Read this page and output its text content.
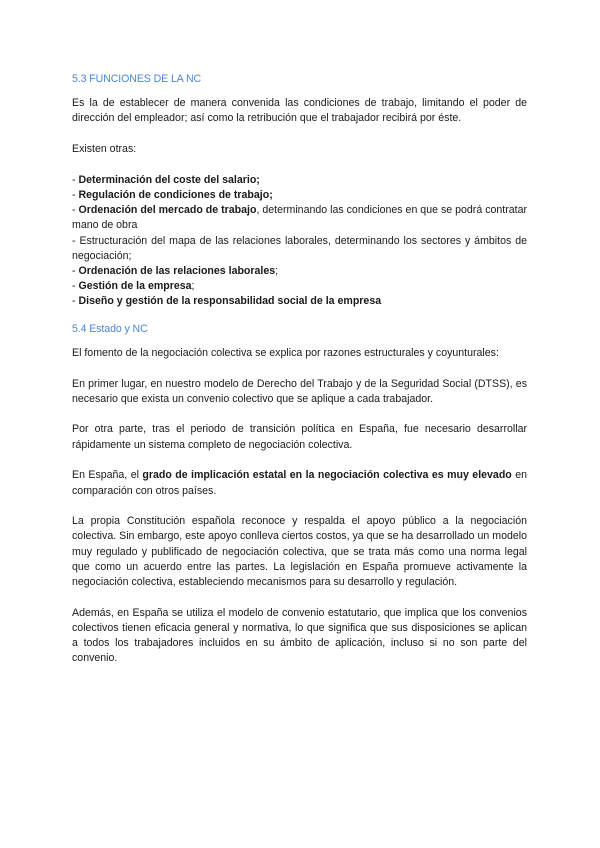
5.3 FUNCIONES DE LA NC

Es la de establecer de manera convenida las condiciones de trabajo, limitando el poder de dirección del empleador; así como la retribución que el trabajador recibirá por éste.

Existen otras:

- Determinación del coste del salario;
- Regulación de condiciones de trabajo;
- Ordenación del mercado de trabajo, determinando las condiciones en que se podrá contratar mano de obra
- Estructuración del mapa de las relaciones laborales, determinando los sectores y ámbitos de negociación;
- Ordenación de las relaciones laborales;
- Gestión de la empresa;
- Diseño y gestión de la responsabilidad social de la empresa
5.4 Estado y NC

El fomento de la negociación colectiva se explica por razones estructurales y coyunturales:

En primer lugar, en nuestro modelo de Derecho del Trabajo y de la Seguridad Social (DTSS), es necesario que exista un convenio colectivo que se aplique a cada trabajador.

Por otra parte, tras el periodo de transición política en España, fue necesario desarrollar rápidamente un sistema completo de negociación colectiva.

En España, el grado de implicación estatal en la negociación colectiva es muy elevado en comparación con otros países.

La propia Constitución española reconoce y respalda el apoyo público a la negociación colectiva. Sin embargo, este apoyo conlleva ciertos costos, ya que se ha desarrollado un modelo muy regulado y publificado de negociación colectiva, que se trata más como una norma legal que como un acuerdo entre las partes. La legislación en España promueve activamente la negociación colectiva, estableciendo mecanismos para su desarrollo y regulación.

Además, en España se utiliza el modelo de convenio estatutario, que implica que los convenios colectivos tienen eficacia general y normativa, lo que significa que sus disposiciones se aplican a todos los trabajadores incluidos en su ámbito de aplicación, incluso si no son parte del convenio.
